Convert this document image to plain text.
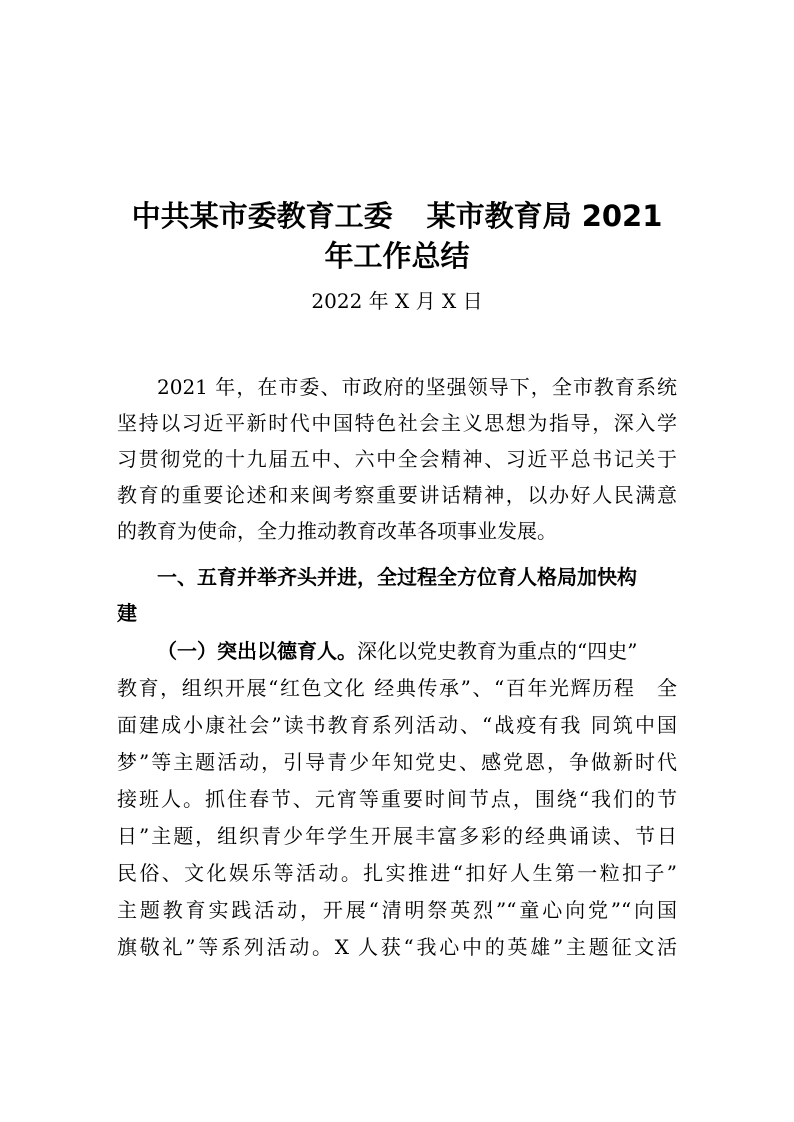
中共某市委教育工委 某市教育局 2021
年工作总结
2022 年 X 月 X 日
2021 年，在市委、市政府的坚强领导下，全市教育系统
坚持以习近平新时代中国特色社会主义思想为指导，深入学
习贯彻党的十九届五中、六中全会精神、习近平总书记关于
教育的重要论述和来闽考察重要讲话精神，以办好人民满意
的教育为使命，全力推动教育改革各项事业发展。
一、五育并举齐头并进，全过程全方位育人格局加快构
建
（一）突出以德育人。深化以党史教育为重点的“四史”
教育，组织开展“红色文化 经典传承”、“百年光辉历程　全
面建成小康社会”读书教育系列活动、“战疫有我 同筑中国
梦”等主题活动，引导青少年知党史、感党恩，争做新时代
接班人。抓住春节、元宵等重要时间节点，围绕“我们的节
日”主题，组织青少年学生开展丰富多彩的经典诵读、节日
民俗、文化娱乐等活动。扎实推进“扣好人生第一粒扣子”
主题教育实践活动，开展“清明祭英烈”“童心向党”“向国
旗敬礼”等系列活动。X 人获“我心中的英雄”主题征文活
